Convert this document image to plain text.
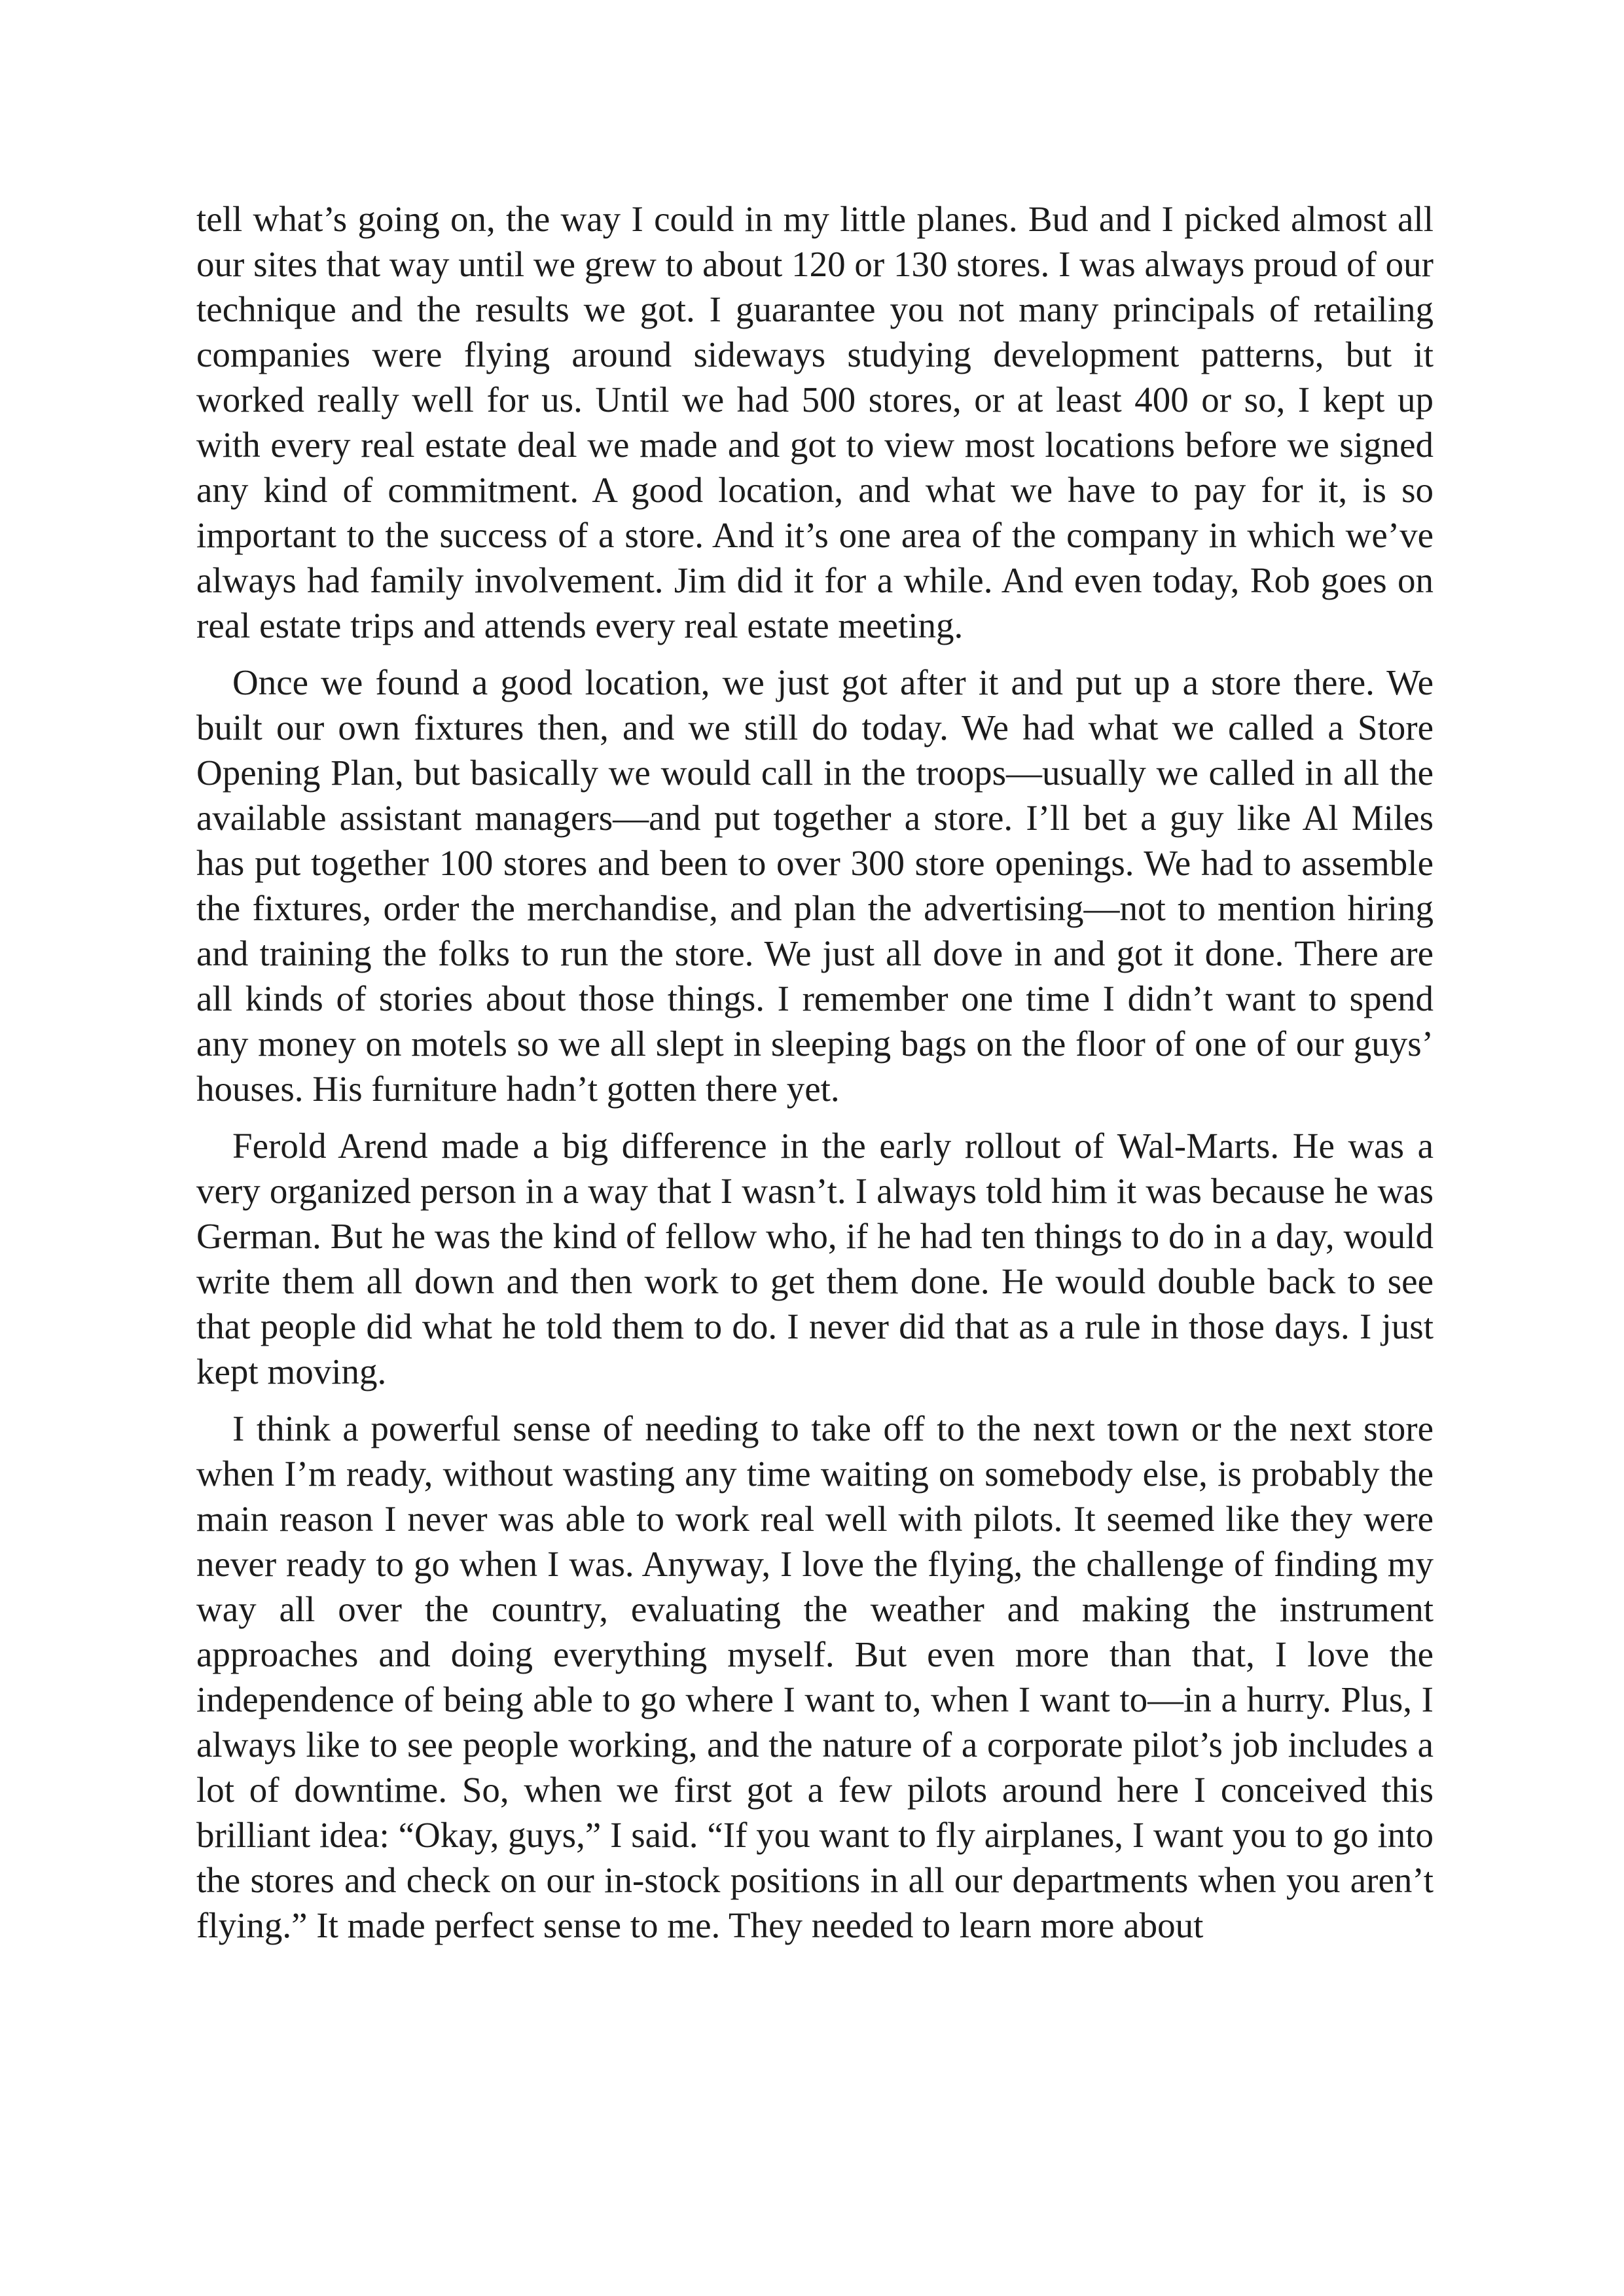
tell what’s going on, the way I could in my little planes. Bud and I picked almost all our sites that way until we grew to about 120 or 130 stores. I was always proud of our technique and the results we got. I guarantee you not many principals of retailing companies were flying around sideways studying development patterns, but it worked really well for us. Until we had 500 stores, or at least 400 or so, I kept up with every real estate deal we made and got to view most locations before we signed any kind of commitment. A good location, and what we have to pay for it, is so important to the success of a store. And it’s one area of the company in which we’ve always had family involvement. Jim did it for a while. And even today, Rob goes on real estate trips and attends every real estate meeting.

Once we found a good location, we just got after it and put up a store there. We built our own fixtures then, and we still do today. We had what we called a Store Opening Plan, but basically we would call in the troops—usually we called in all the available assistant managers—and put together a store. I’ll bet a guy like Al Miles has put together 100 stores and been to over 300 store openings. We had to assemble the fixtures, order the merchandise, and plan the advertising—not to mention hiring and training the folks to run the store. We just all dove in and got it done. There are all kinds of stories about those things. I remember one time I didn’t want to spend any money on motels so we all slept in sleeping bags on the floor of one of our guys’ houses. His furniture hadn’t gotten there yet.

Ferold Arend made a big difference in the early rollout of Wal-Marts. He was a very organized person in a way that I wasn’t. I always told him it was because he was German. But he was the kind of fellow who, if he had ten things to do in a day, would write them all down and then work to get them done. He would double back to see that people did what he told them to do. I never did that as a rule in those days. I just kept moving.

I think a powerful sense of needing to take off to the next town or the next store when I’m ready, without wasting any time waiting on somebody else, is probably the main reason I never was able to work real well with pilots. It seemed like they were never ready to go when I was. Anyway, I love the flying, the challenge of finding my way all over the country, evaluating the weather and making the instrument approaches and doing everything myself. But even more than that, I love the independence of being able to go where I want to, when I want to—in a hurry. Plus, I always like to see people working, and the nature of a corporate pilot’s job includes a lot of downtime. So, when we first got a few pilots around here I conceived this brilliant idea: “Okay, guys,” I said. “If you want to fly airplanes, I want you to go into the stores and check on our in-stock positions in all our departments when you aren’t flying.” It made perfect sense to me. They needed to learn more about
